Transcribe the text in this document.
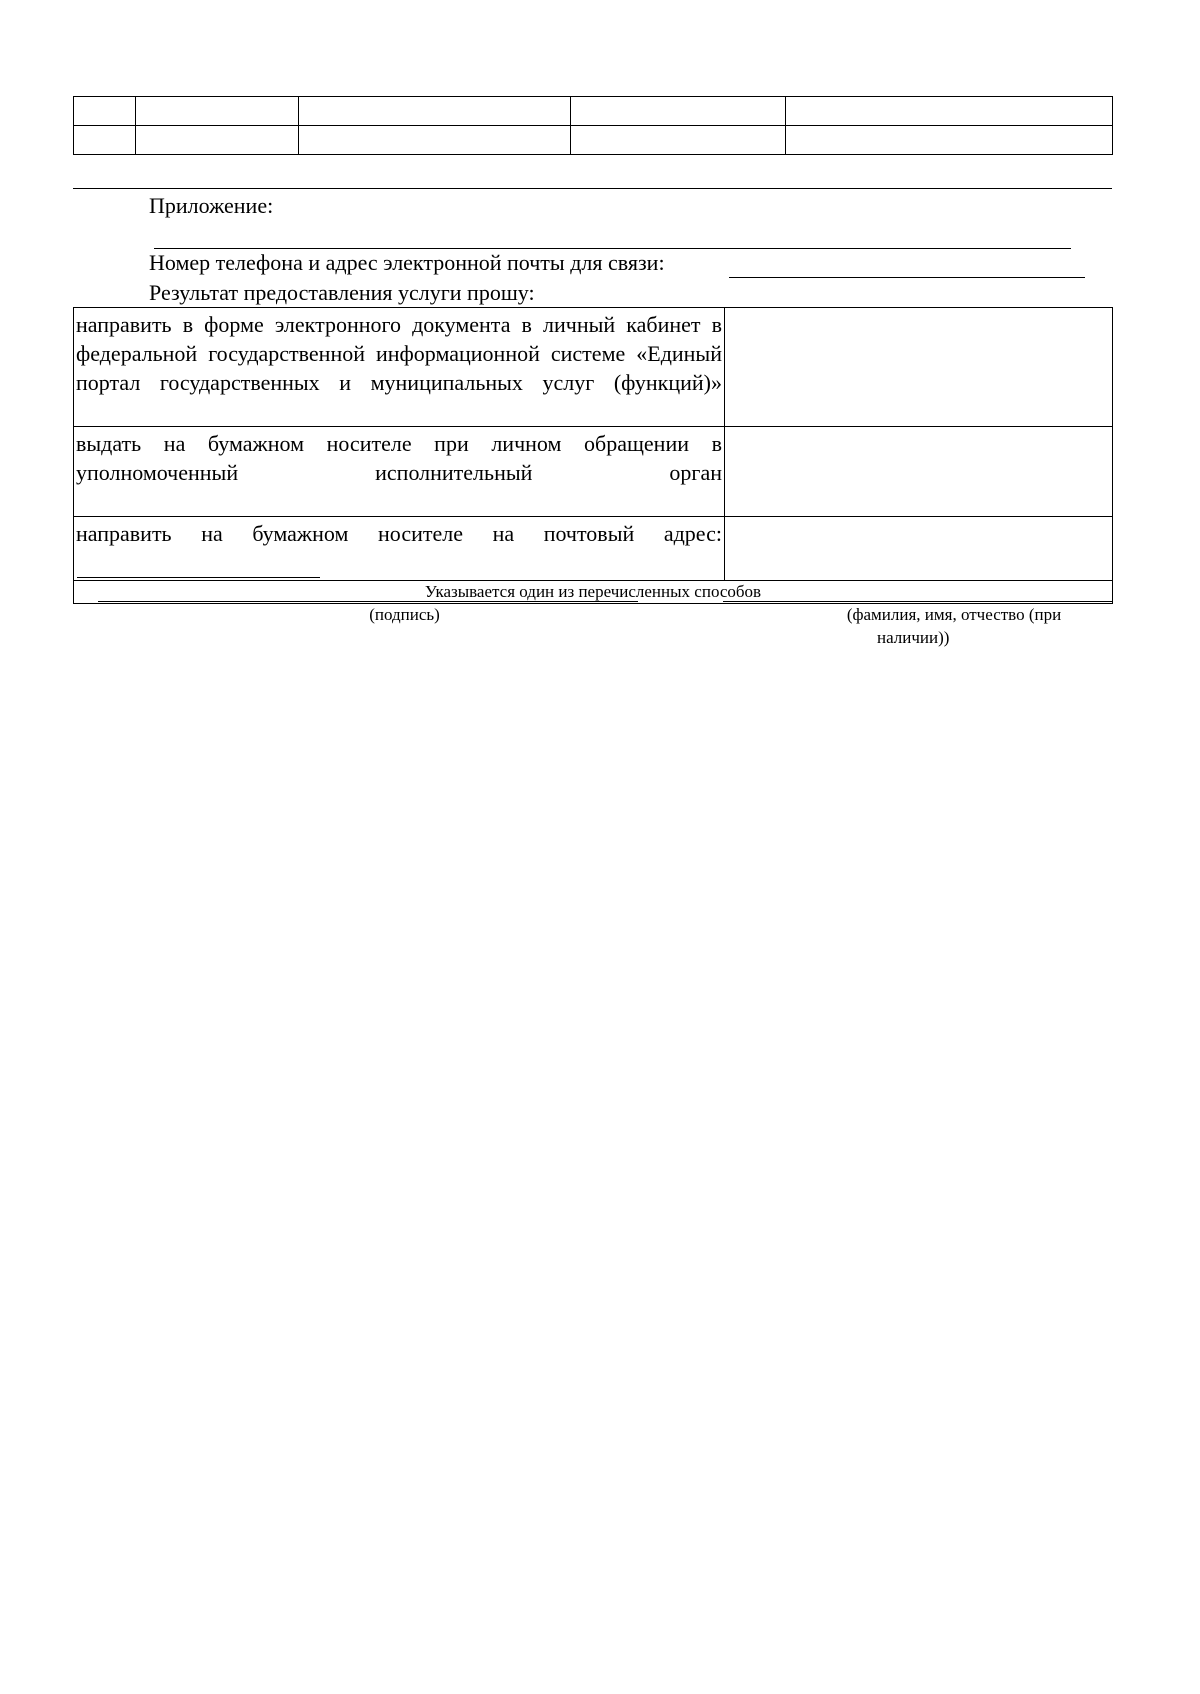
Приложение:
Номер телефона и адрес электронной почты для связи:
Результат предоставления услуги прошу:
направить в форме электронного документа в личный кабинет в федеральной государственной информационной системе «Единый портал государственных и муниципальных услуг (функций)»	

выдать на бумажном носителе при личном обращении в уполномоченный исполнительный орган	

направить на бумажном носителе на почтовый адрес:	

Указывается один из перечисленных способов	
(подпись)	(фамилия, имя, отчество (при
наличии))
